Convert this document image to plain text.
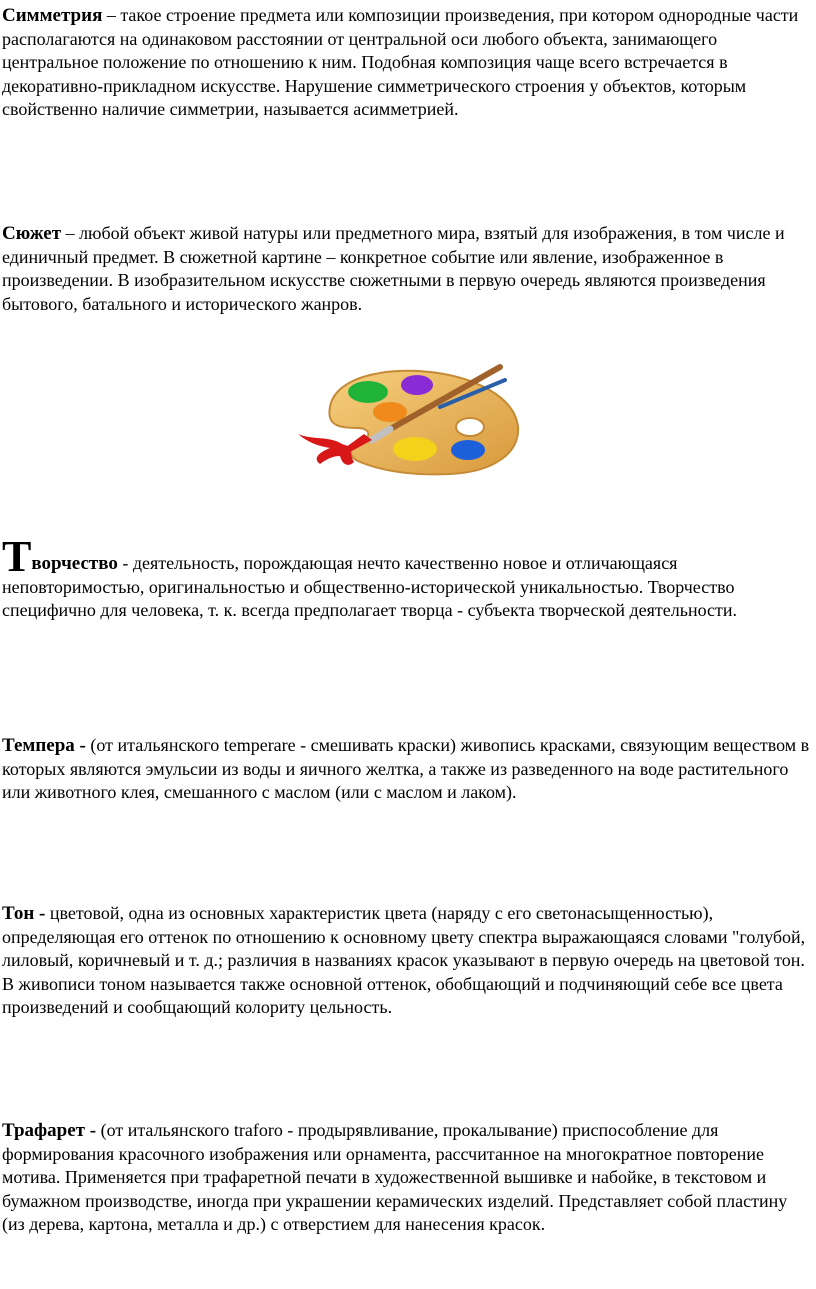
Симметрия – такое строение предмета или композиции произведения, при котором однородные части располагаются на одинаковом расстоянии от центральной оси любого объекта, занимающего центральное положение по отношению к ним. Подобная композиция чаще всего встречается в декоративно-прикладном искусстве. Нарушение симметрического строения у объектов, которым свойственно наличие симметрии, называется асимметрией.

Сюжет – любой объект живой натуры или предметного мира, взятый для изображения, в том числе и единичный предмет. В сюжетной картине – конкретное событие или явление, изображенное в произведении. В изобразительном искусстве сюжетными в первую очередь являются произведения бытового, батального и исторического жанров.

Творчество - деятельность, порождающая нечто качественно новое и отличающаяся неповторимостью, оригинальностью и общественно-исторической уникальностью. Творчество специфично для человека, т. к. всегда предполагает творца - субъекта творческой деятельности.

Темпера - (от итальянского temperare - смешивать краски) живопись красками, связующим веществом в которых являются эмульсии из воды и яичного желтка, а также из разведенного на воде растительного или животного клея, смешанного с маслом (или с маслом и лаком).

Тон - цветовой, одна из основных характеристик цвета (наряду с его светонасыщенностью), определяющая его оттенок по отношению к основному цвету спектра выражающаяся словами "голубой, лиловый, коричневый и т. д.; различия в названиях красок указывают в первую очередь на цветовой тон. В живописи тоном называется также основной оттенок, обобщающий и подчиняющий себе все цвета произведений и сообщающий колориту цельность.

Трафарет - (от итальянского traforo - продырявливание, прокалывание) приспособление для формирования красочного изображения или орнамента, рассчитанное на многократное повторение мотива. Применяется при трафаретной печати в художественной вышивке и набойке, в текстовом и бумажном производстве, иногда при украшении керамических изделий. Представляет собой пластину (из дерева, картона, металла и др.) с отверстием для нанесения красок.
